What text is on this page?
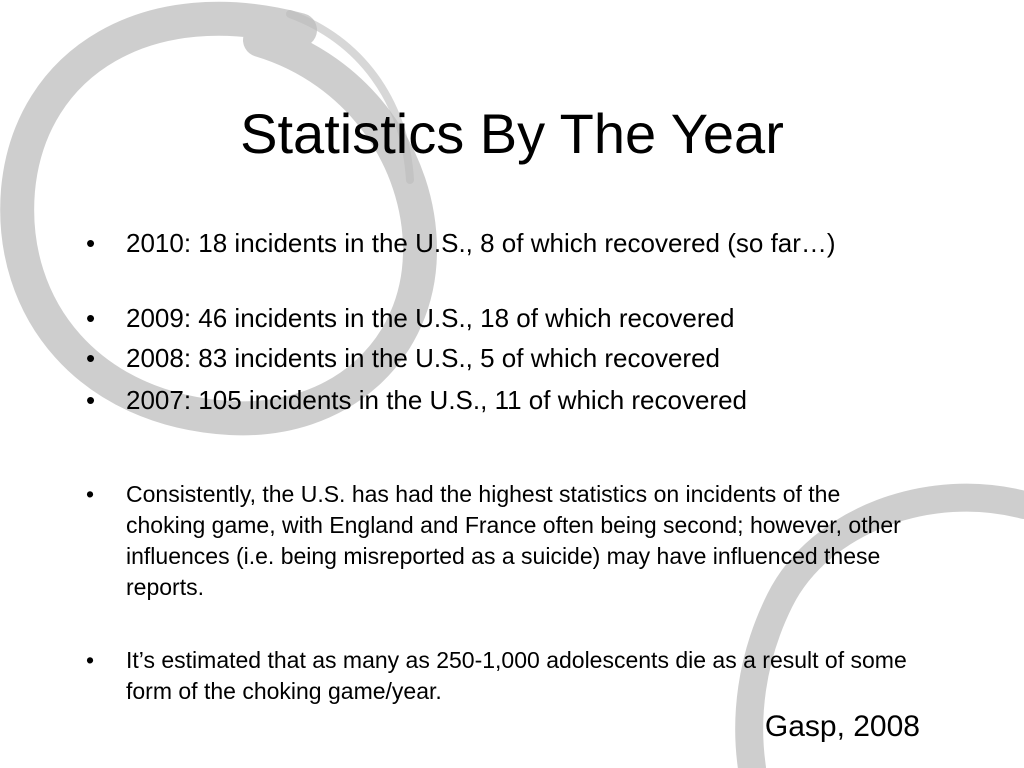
Statistics By The Year
• 2010: 18 incidents in the U.S., 8 of which recovered (so far…)
• 2009: 46 incidents in the U.S., 18 of which recovered
• 2008: 83 incidents in the U.S., 5 of which recovered
• 2007: 105 incidents in the U.S., 11 of which recovered
• Consistently, the U.S. has had the highest statistics on incidents of the choking game, with England and France often being second; however, other influences (i.e. being misreported as a suicide) may have influenced these reports.
• It’s estimated that as many as 250-1,000 adolescents die as a result of some form of the choking game/year.
Gasp, 2008
